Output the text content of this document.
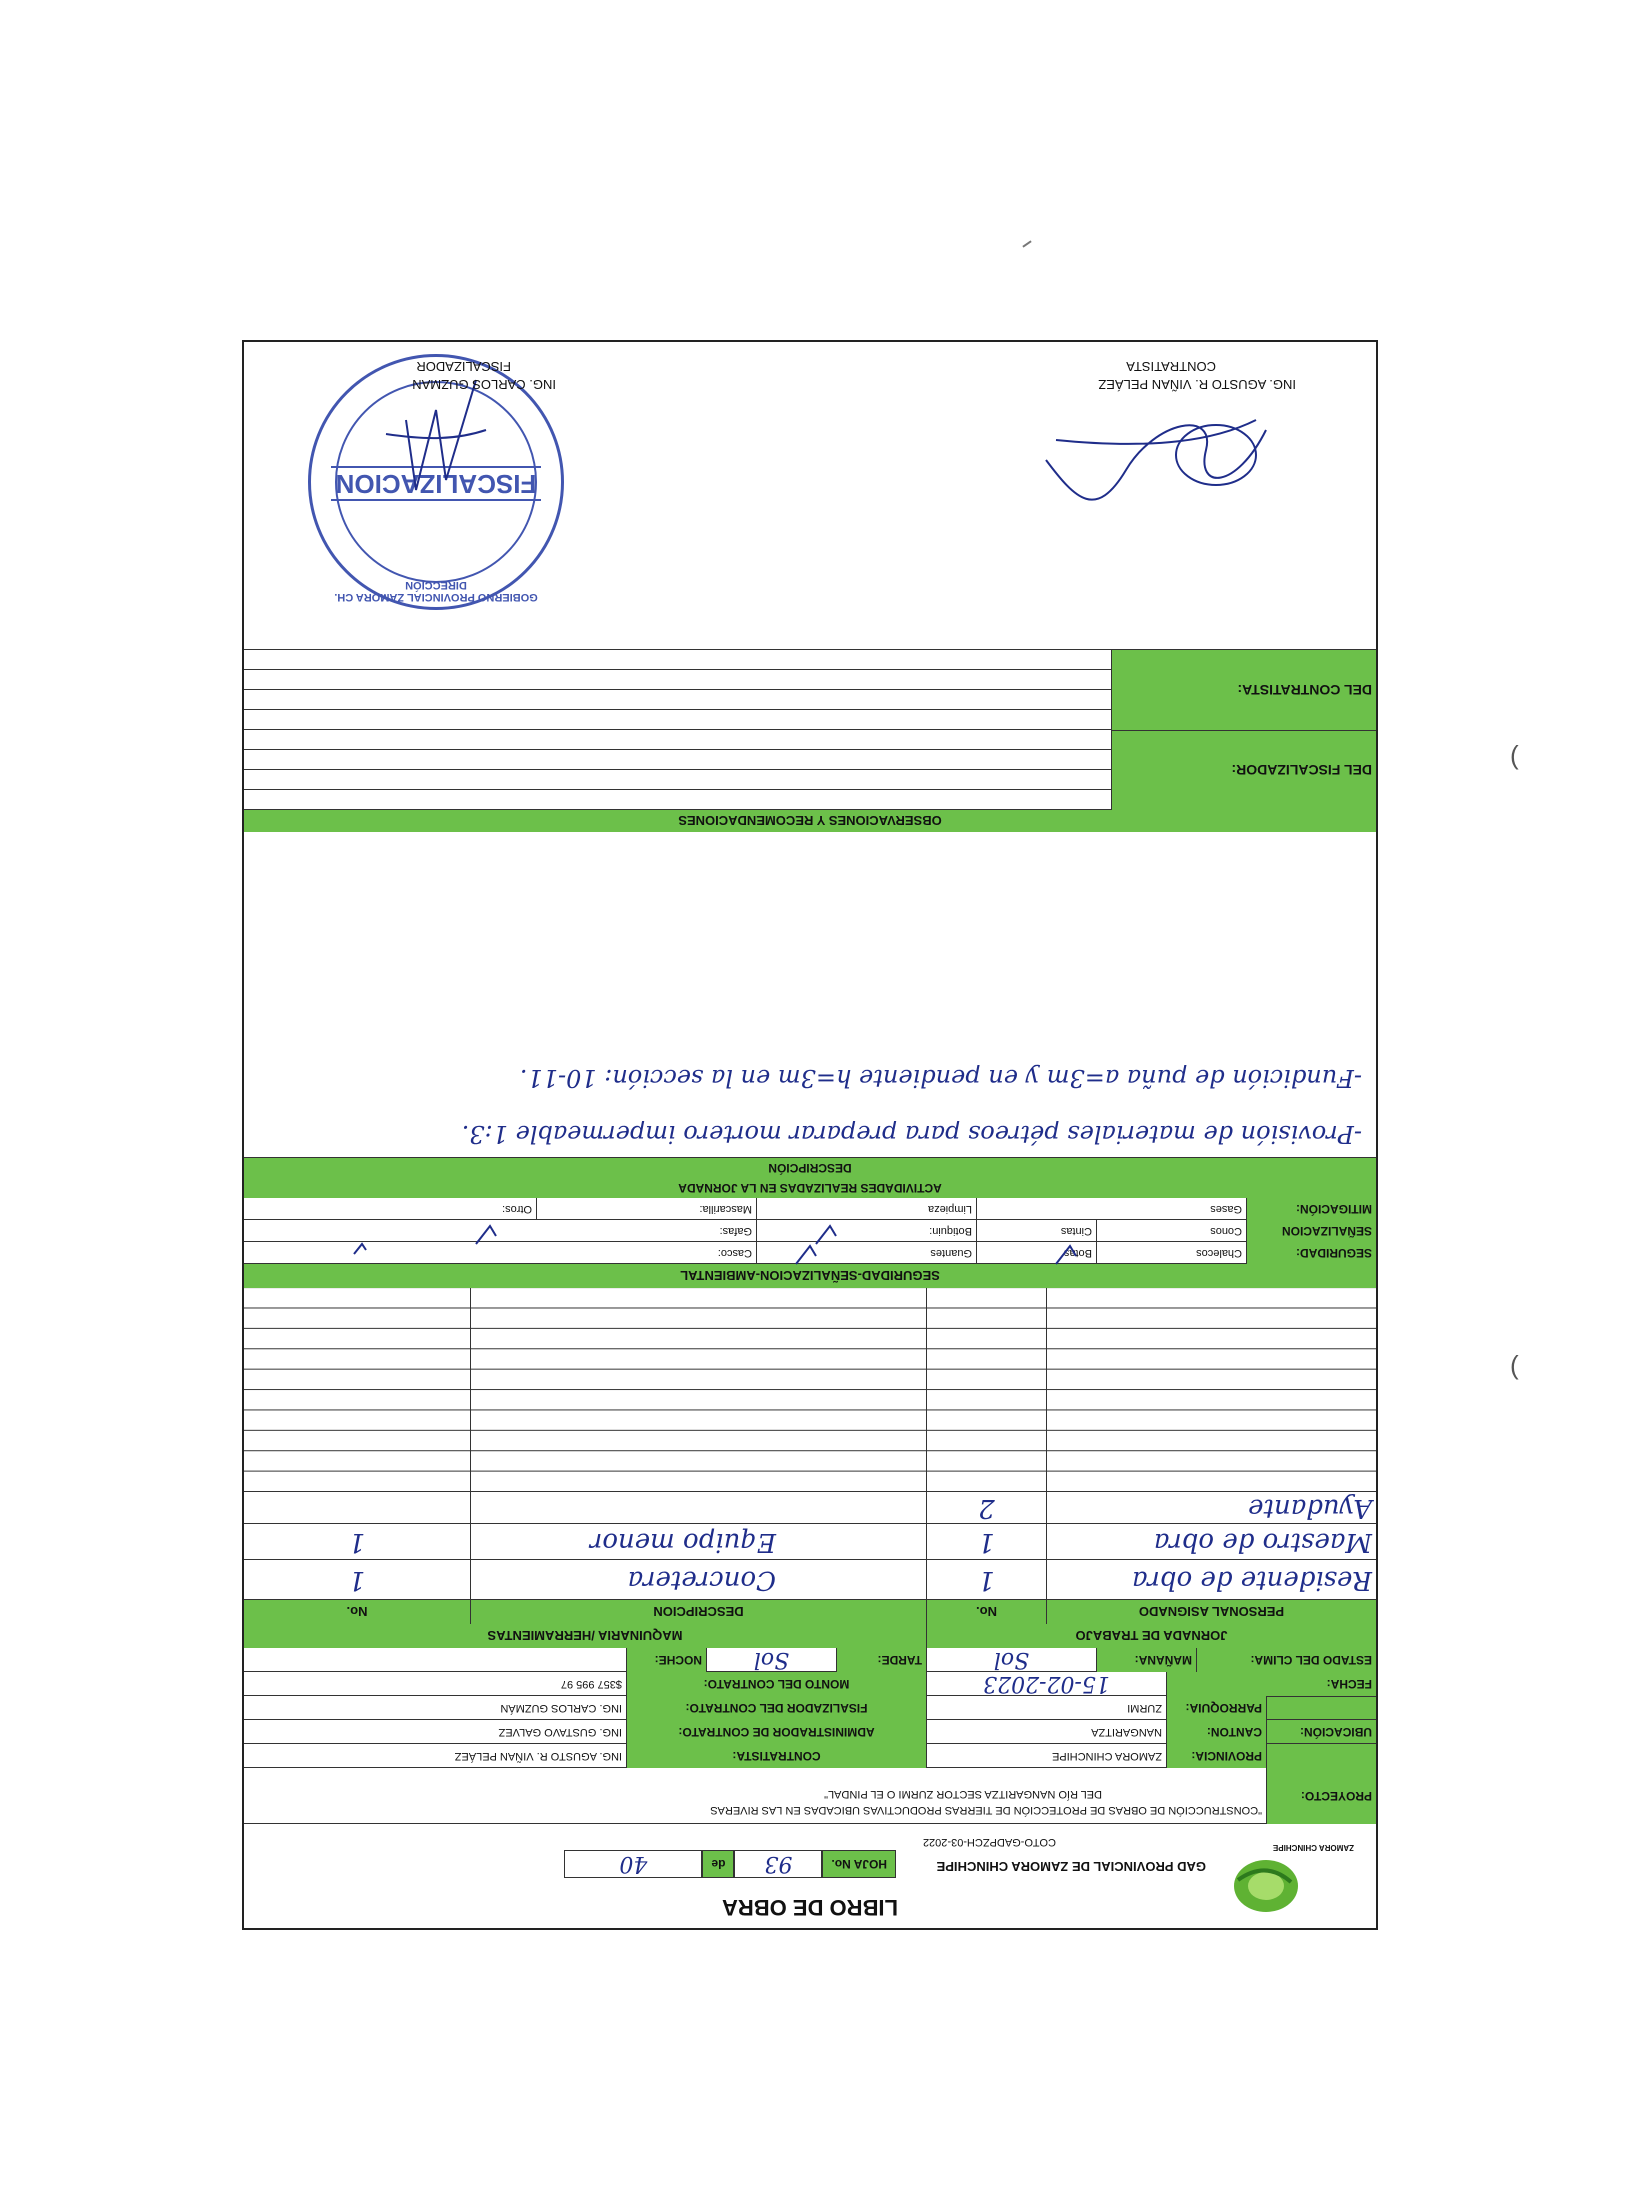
(
(
ZAMORA CHINCHIPE
LIBRO DE OBRA
GAD PROVINCIAL DE ZAMORA CHINCHIPE
COTO-GADPZCH-03-2022
HOJA No.
93
de
40
PROYECTO:
"CONSTRUCCIÓN DE OBRAS DE PROTECCIÓN DE TIERRAS PRODUCTIVAS UBICADAS EN LAS RIVERAS
DEL RÍO NANGARITZA SECTOR ZURMI O EL PINDAL"
UBICACIÓN:
PROVINCIA:
ZAMORA CHINCHIPE
CONTRATISTA:
ING. AGUSTO R. VIÑAN PELÁEZ
CANTON:
NANGARITZA
ADMINISTRADOR DE CONTRATO:
ING. GUSTAVO GALVEZ
PARROQUIA:
ZURMI
FISALIZADOR DEL CONTRATO:
ING. CARLOS GUZMÁN
FECHA:
15-02-2023
MONTO DEL CONTRATO:
$357 995 97
ESTADO DEL CLIMA:
MAÑANA:
Sol
TARDE:
Sol
NOCHE:
JORNADA DE TRABAJO
MAQUINARIA /HERRAMIENTAS
PERSONAL ASIGNADO
No.
DESCRIPCION
No.
Residente de obra
1
Concretera
1
Maestro de obra
1
Equipo menor
1
Ayudante
2
SEGURIDAD-SEÑALIZACION-AMBIENTAL
SEGURIDAD:
Chalecos
Botas
Guantes
Casco:
SEÑALIZACION
Conos
Cintas
Botiquin:
Gafas:
MITIGACIÓN:
Gases
Limpieza
Mascarilla:
Otros:
ACTIVIDADES REALIZADAS EN LA JORNADA
DESCRIPCIÓN
-Provisión de materiales pétreos para preparar mortero impermeable 1:3.
-Fundición de puña a=3m y en pendiente h=3m en la sección: 10-11.
OBSERVACIONES Y RECOMENDACIONES
DEL FISCALIZADOR:
DEL CONTRATISTA:
ING. AGUSTO R. VIÑAN PELÁEZ
CONTRATISTA
FISCALIZACION
GOBIERNO PROVINCIAL ZAMORA CH. DIRECCIÓN
ING. CARLOS GUZMAN
FISCALIZADOR
